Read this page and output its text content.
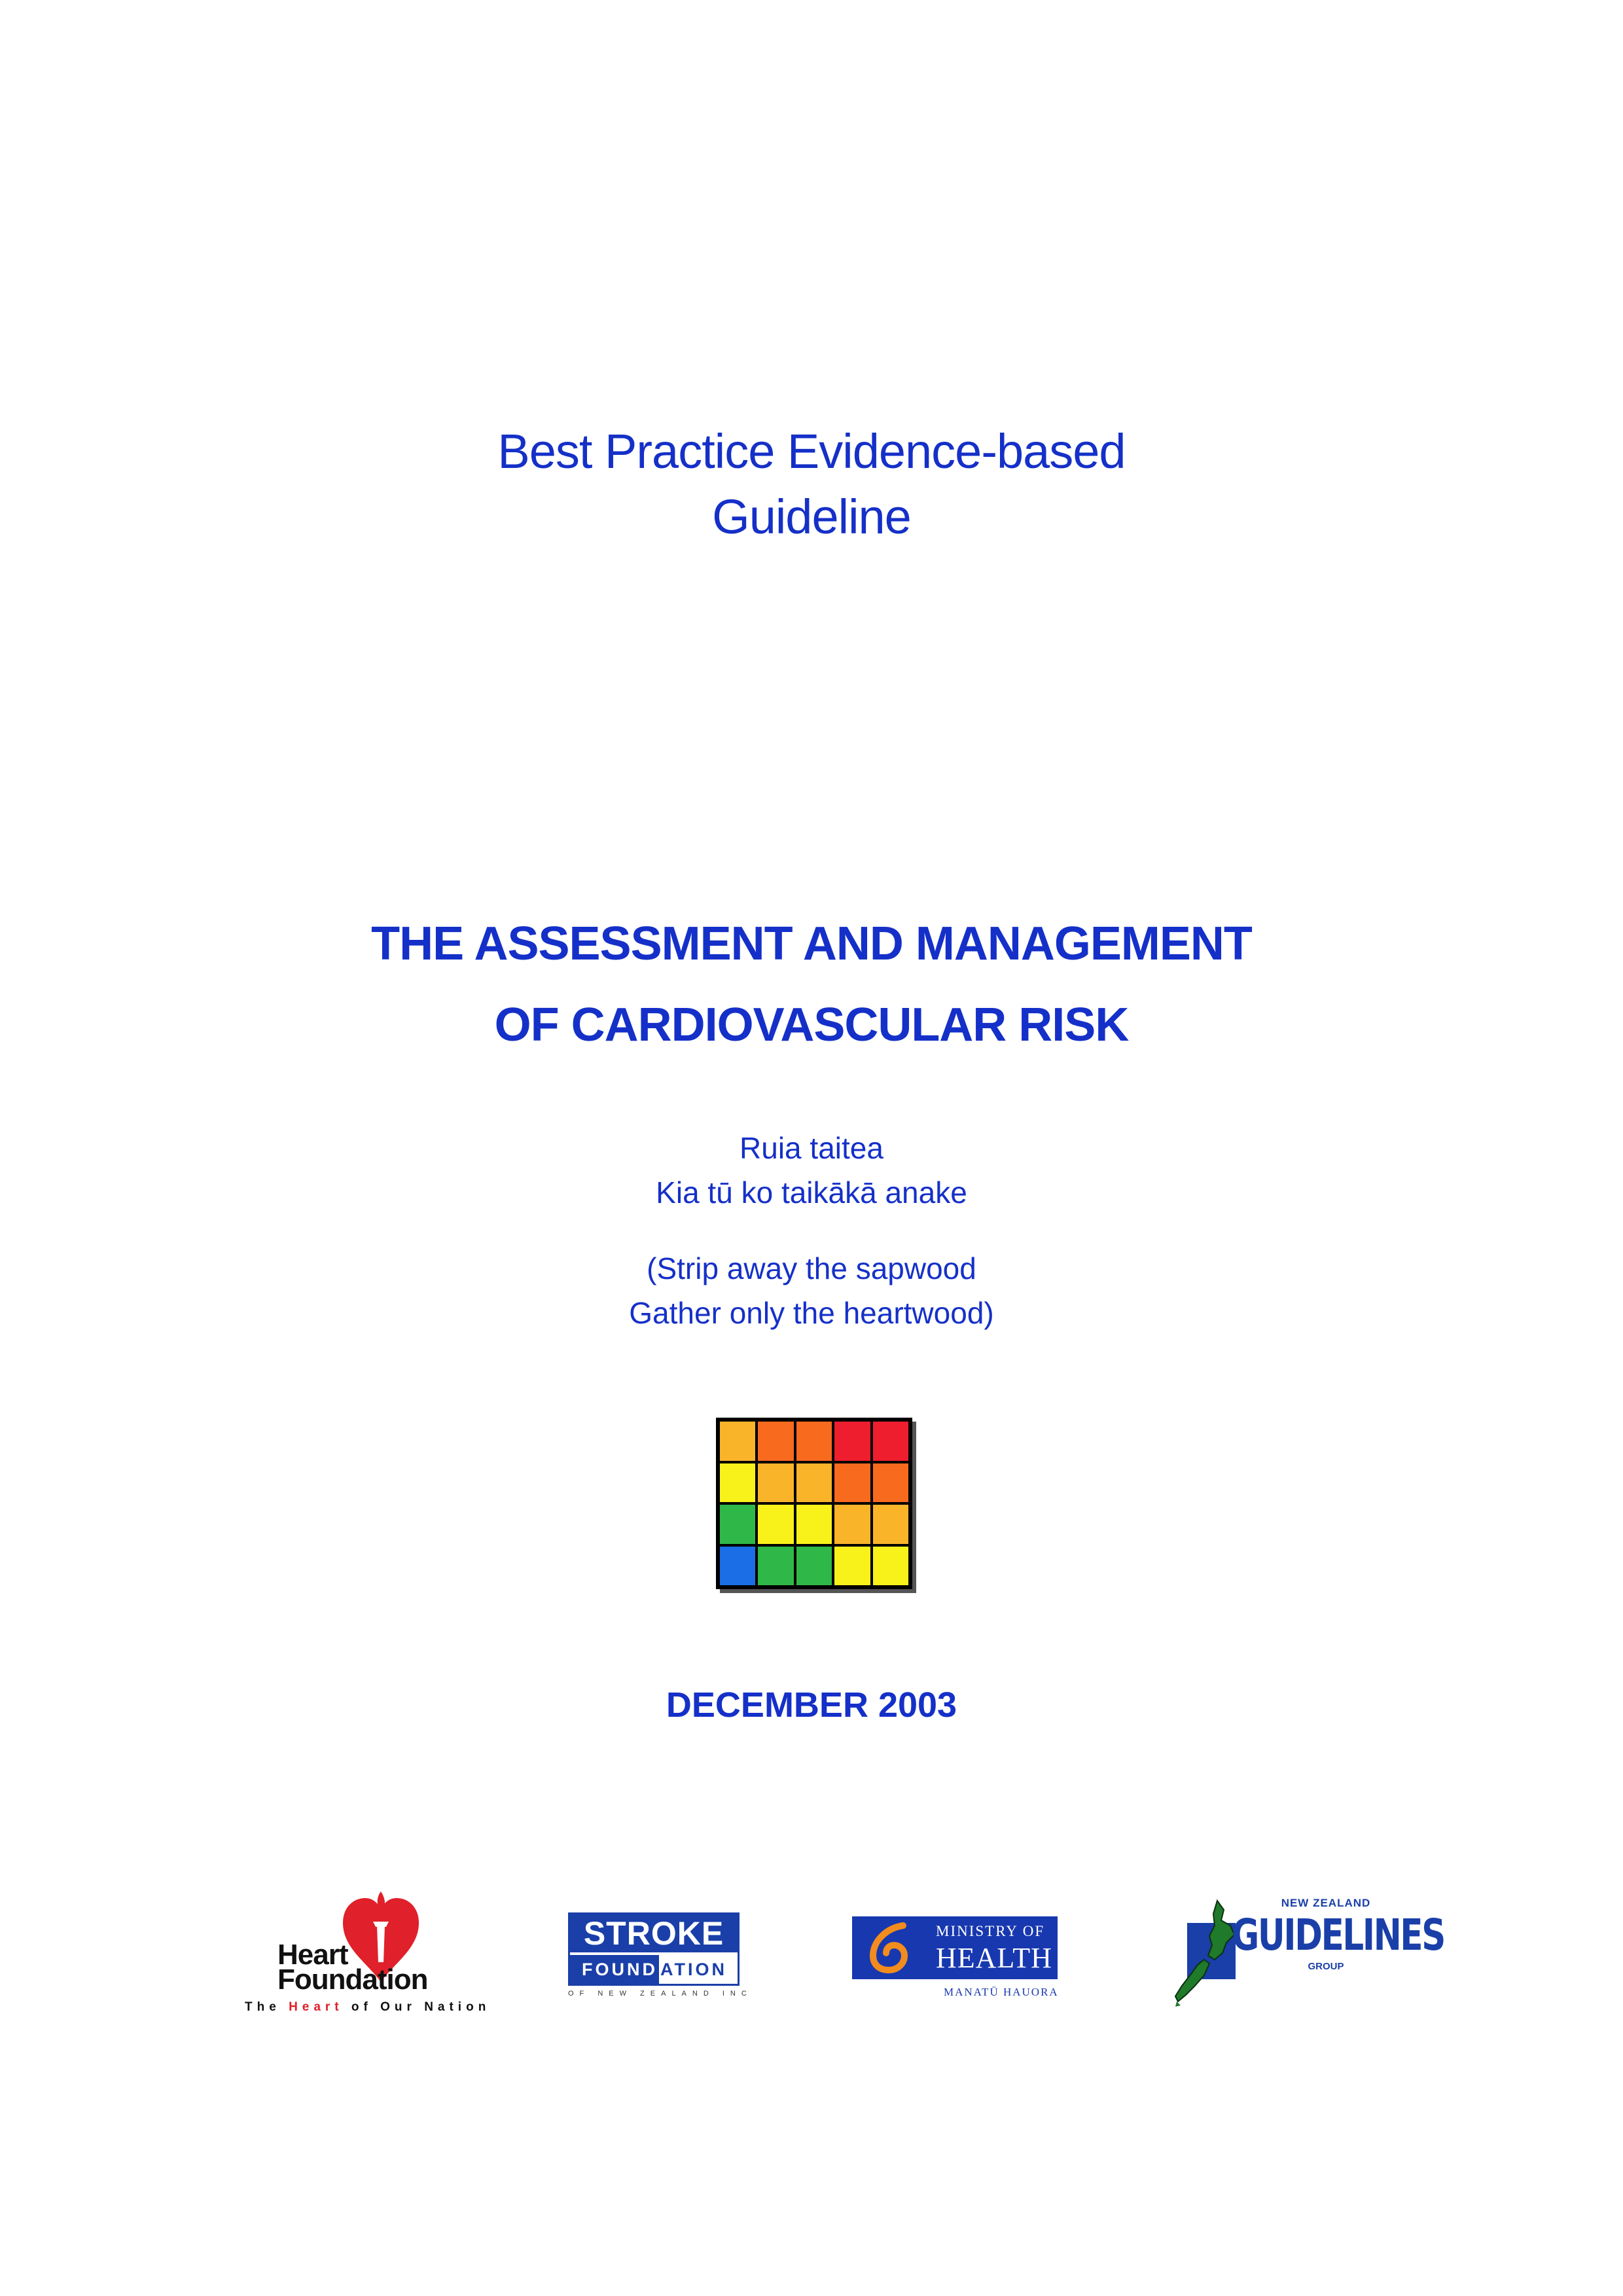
Best Practice Evidence-based
Guideline
THE ASSESSMENT AND MANAGEMENT
OF CARDIOVASCULAR RISK
Ruia taitea
Kia tū ko taikākā anake
(Strip away the sapwood
Gather only the heartwood)
DECEMBER 2003
Heart
Foundation
The Heart of Our Nation
STROKE
FOUND ATION
OF NEW ZEALAND INC
MINISTRY OF
HEALTH
MANATŪ HAUORA
NEW ZEALAND
GUIDELINES
GROUP
